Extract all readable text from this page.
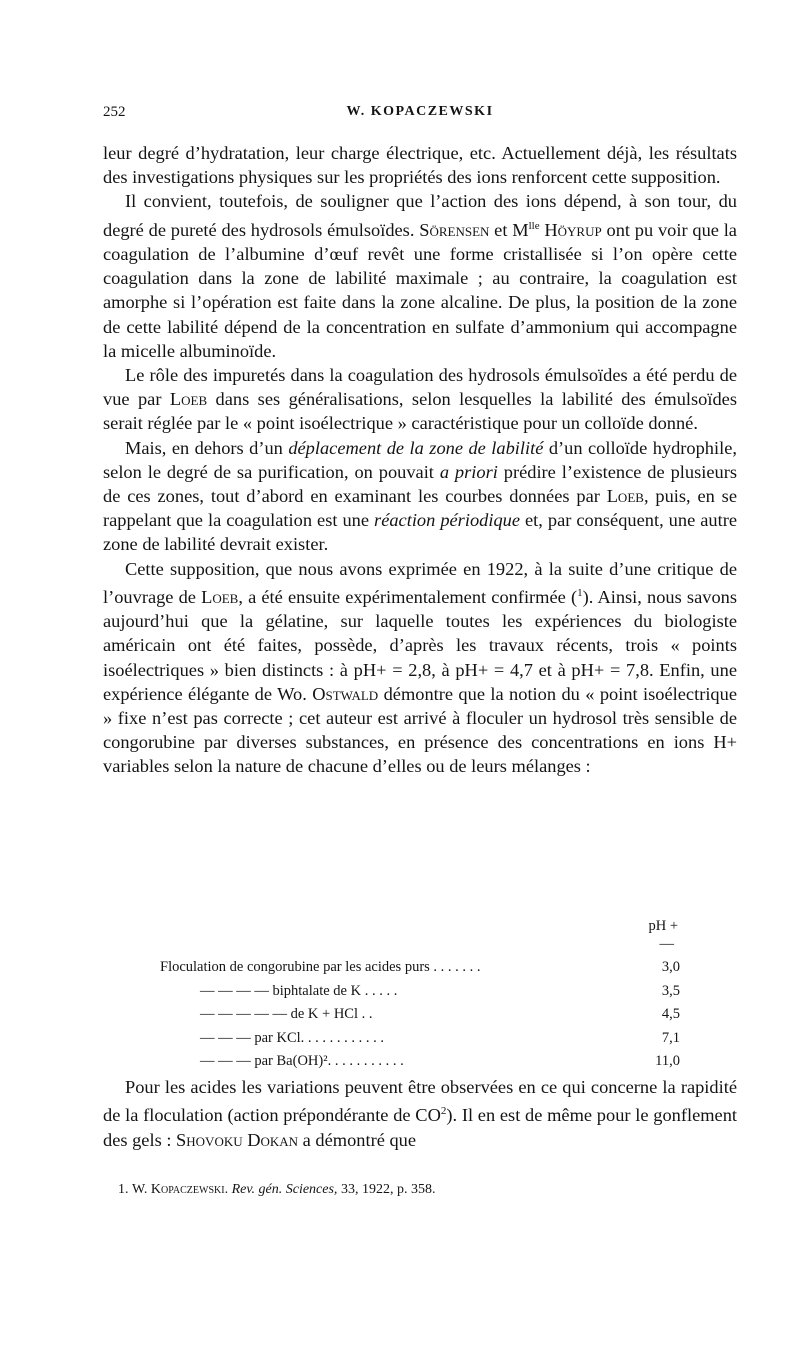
252	W. KOPACZEWSKI

leur degré d’hydratation, leur charge électrique, etc. Actuellement déjà, les résultats des investigations physiques sur les propriétés des ions renforcent cette supposition.

Il convient, toutefois, de souligner que l’action des ions dépend, à son tour, du degré de pureté des hydrosols émulsoïdes. Sörensen et $M^{lle}$ Höyrup ont pu voir que la coagulation de l’albumine d’œuf revêt une forme cristallisée si l’on opère cette coagulation dans la zone de labilité maximale ; au contraire, la coagulation est amorphe si l’opération est faite dans la zone alcaline. De plus, la position de la zone de cette labilité dépend de la concentration en sulfate d’ammonium qui accompagne la micelle albuminoïde.

Le rôle des impuretés dans la coagulation des hydrosols émulsoïdes a été perdu de vue par Loeb dans ses généralisations, selon lesquelles la labilité des émulsoïdes serait réglée par le « point isoélectrique » caractéristique pour un colloïde donné.

Mais, en dehors d’un déplacement de la zone de labilité d’un colloïde hydrophile, selon le degré de sa purification, on pouvait a priori prédire l’existence de plusieurs de ces zones, tout d’abord en examinant les courbes données par Loeb, puis, en se rappelant que la coagulation est une réaction périodique et, par conséquent, une autre zone de labilité devrait exister.

Cette supposition, que nous avons exprimée en 1922, à la suite d’une critique de l’ouvrage de Loeb, a été ensuite expérimentalement confirmée ($^1$). Ainsi, nous savons aujourd’hui que la gélatine, sur laquelle toutes les expériences du biologiste américain ont été faites, possède, d’après les travaux récents, trois « points isoélectriques » bien distincts : à pH+ = 2,8, à pH+ = 4,7 et à pH+ = 7,8. Enfin, une expérience élégante de Wo. Ostwald démontre que la notion du « point isoélectrique » fixe n’est pas correcte ; cet auteur est arrivé à floculer un hydrosol très sensible de congorubine par diverses substances, en présence des concentrations en ions H+ variables selon la nature de chacune d’elles ou de leurs mélanges :

pH +
—
Floculation de congorubine par les acides purs . . . . . . .	3,0
— — — — biphtalate de K . . . . .	3,5
— — — — — de K + HCl . .	4,5
— — — par KCl. . . . . . . . . . . .	7,1
— — — par Ba(OH)². . . . . . . . . . .	11,0

Pour les acides les variations peuvent être observées en ce qui concerne la rapidité de la floculation (action prépondérante de $CO^2$). Il en est de même pour le gonflement des gels : Shovoku Dokan a démontré que

1. W. Kopaczewski. Rev. gén. Sciences, 33, 1922, p. 358.
